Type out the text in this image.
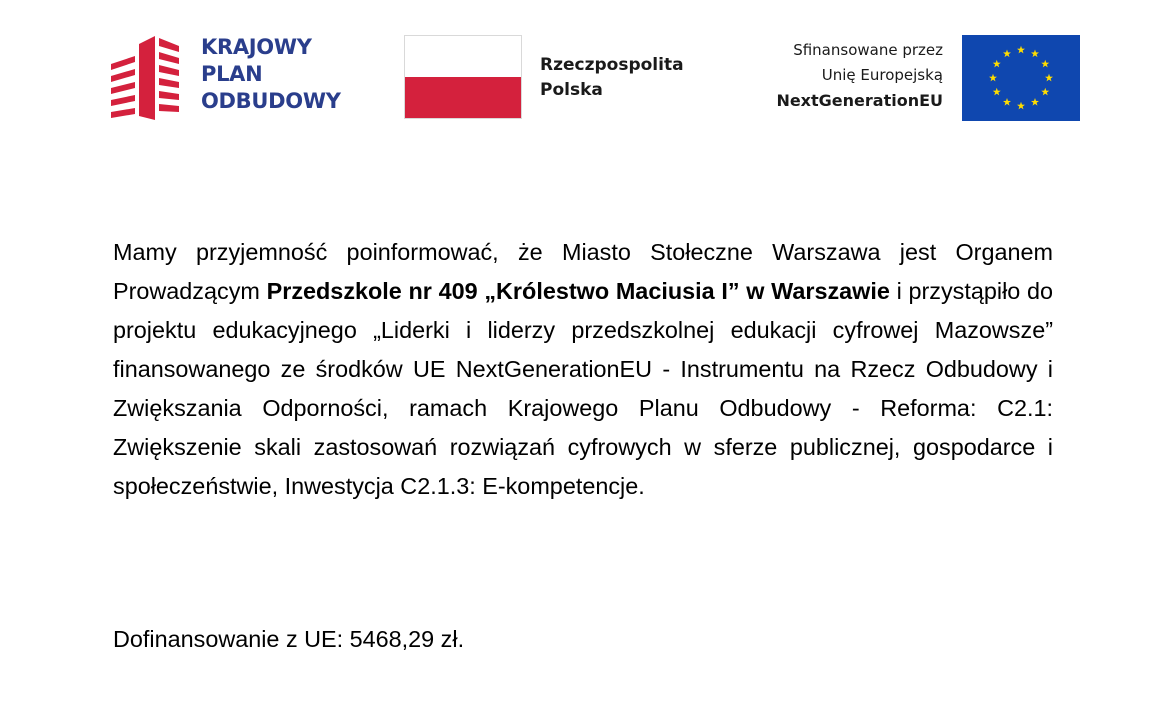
KRAJOWY
PLAN
ODBUDOWY
Rzeczpospolita
Polska
Sfinansowane przez
Unię Europejską
NextGenerationEU

Mamy przyjemność poinformować, że Miasto Stołeczne Warszawa jest Organem Prowadzącym Przedszkole nr 409 „Królestwo Maciusia I” w Warszawie i przystąpiło do projektu edukacyjnego „Liderki i liderzy przedszkolnej edukacji cyfrowej Mazowsze” finansowanego ze środków UE NextGenerationEU - Instrumentu na Rzecz Odbudowy i Zwiększania Odporności, ramach Krajowego Planu Odbudowy - Reforma: C2.1: Zwiększenie skali zastosowań rozwiązań cyfrowych w sferze publicznej, gospodarce i społeczeństwie, Inwestycja C2.1.3: E-kompetencje.

Dofinansowanie z UE: 5468,29 zł.
